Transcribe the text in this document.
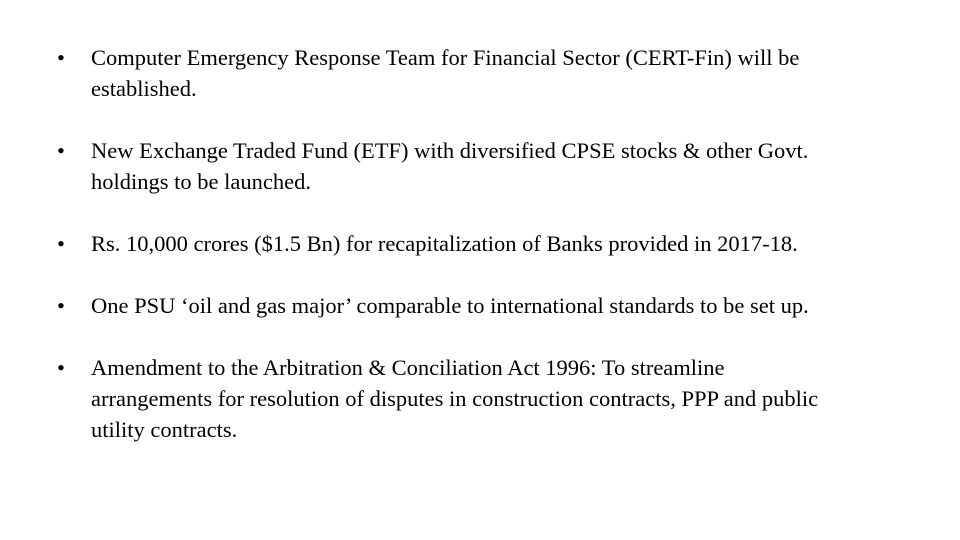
• Computer Emergency Response Team for Financial Sector (CERT-Fin) will be established.
• New Exchange Traded Fund (ETF) with diversified CPSE stocks & other Govt. holdings to be launched.
• Rs. 10,000 crores ($1.5 Bn) for recapitalization of Banks provided in 2017-18.
• One PSU ‘oil and gas major’ comparable to international standards to be set up.
• Amendment to the Arbitration & Conciliation Act 1996: To streamline arrangements for resolution of disputes in construction contracts, PPP and public utility contracts.
